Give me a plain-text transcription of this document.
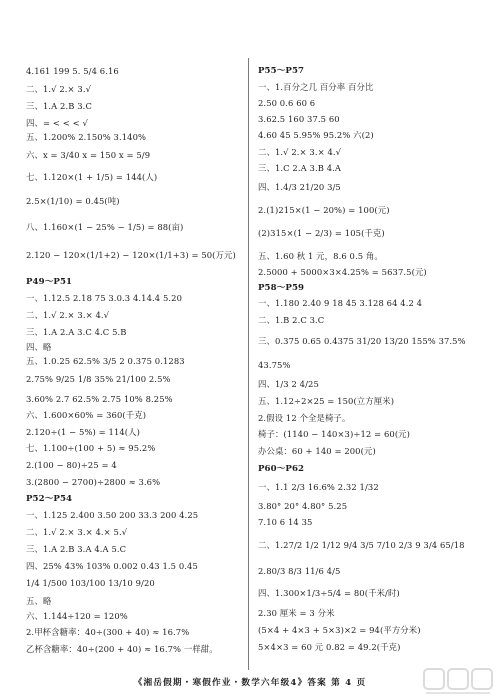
4.161 199 5. 5/4 6.16
二、1.√ 2.× 3.√
三、1.A 2.B 3.C
四、= < < < √
五、1.200% 2.150% 3.140%
六、x = 3/40 x = 150 x = 5/9
七、1.120×(1 + 1/5) = 144(人)
2.5×(1/10) = 0.45(吨)
八、1.160×(1 − 25% − 1/5) = 88(亩)
2.120 − 120×(1/1+2) − 120×(1/1+3) = 50(万元)
P49～P51
一、1.12.5 2.18 75 3.0.3 4.14.4 5.20
二、1.√ 2.× 3.× 4.√
三、1.A 2.A 3.C 4.C 5.B
四、略
五、1.0.25 62.5% 3/5 2 0.375 0.1283
2.75% 9/25 1/8 35% 21/100 2.5%
3.60% 2.7 62.5% 2.75 10% 8.25%
六、1.600×60% = 360(千克)
2.120÷(1 − 5%) = 114(人)
七、1.100÷(100 + 5) ≈ 95.2%
2.(100 − 80)÷25 = 4
3.(2800 − 2700)÷2800 ≈ 3.6%
P52～P54
一、1.125 2.400 3.50 200 33.3 200 4.25
二、1.√ 2.× 3.× 4.× 5.√
三、1.A 2.B 3.A 4.A 5.C
四、25% 43% 103% 0.002 0.43 1.5 0.45
1/4 1/500 103/100 13/10 9/20
五、略
六、1.144÷120 = 120%
2.甲杯含糖率：40÷(300 + 40) ≈ 16.7%
乙杯含糖率：40÷(200 + 40) ≈ 16.7% 一样甜。
P55～P57
一、1.百分之几 百分率 百分比
2.50 0.6 60 6
3.62.5 160 37.5 60
4.60 45 5.95% 95.2% 六(2)
二、1.√ 2.× 3.× 4.√
三、1.C 2.A 3.B 4.A
四、1.4/3 21/20 3/5
2.(1)215×(1 − 20%) = 100(元)
(2)315×(1 − 2/3) = 105(千克)
五、1.60 秋 1 元，8.6 0.5 角。
2.5000 + 5000×3×4.25% = 5637.5(元)
P58～P59
一、1.180 2.40 9 18 45 3.128 64 4.2 4
二、1.B 2.C 3.C
三、0.375 0.65 0.4375 31/20 13/20 155% 37.5%
43.75%
四、1/3 2 4/25
五、1.12÷2×25 = 150(立方厘米)
2.假设 12 个全是椅子。
椅子：(1140 − 140×3)÷12 = 60(元)
办公桌：60 + 140 = 200(元)
P60～P62
一、1.1 2/3 16.6% 2.32 1/32
3.80° 20° 4.80° 5.25
7.10 6 14 35
二、1.27/2 1/2 1/12 9/4 3/5 7/10 2/3 9 3/4 65/18
2.80/3 8/3 11/6 4/5
四、1.300×1/3÷5/4 = 80(千米/时)
2.30 厘米 = 3 分米
(5×4 + 4×3 + 5×3)×2 = 94(平方分米)
5×4×3 = 60 元 0.82 = 49.2(千克)
《湘岳假期・寒假作业・数学六年级4》答案 第 4 页
